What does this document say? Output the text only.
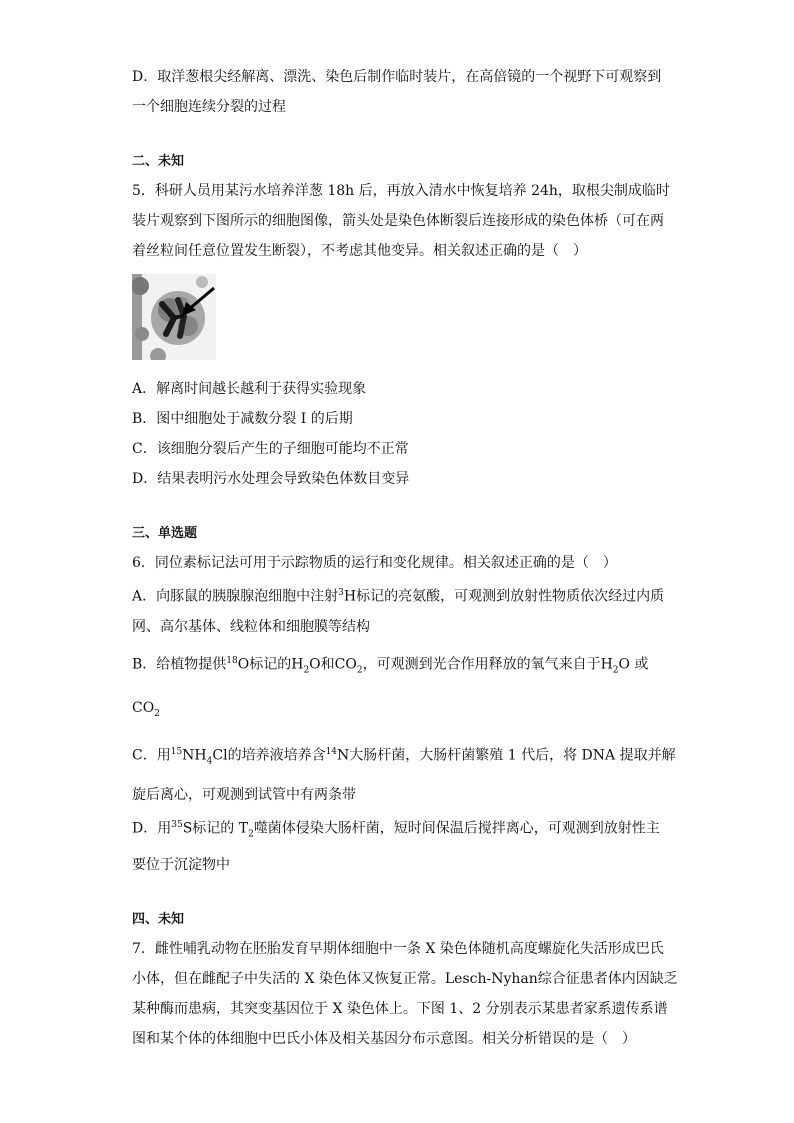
D．取洋葱根尖经解离、漂洗、染色后制作临时装片，在高倍镜的一个视野下可观察到
一个细胞连续分裂的过程
二、未知
5．科研人员用某污水培养洋葱 18h 后，再放入清水中恢复培养 24h，取根尖制成临时
装片观察到下图所示的细胞图像，箭头处是染色体断裂后连接形成的染色体桥（可在两
着丝粒间任意位置发生断裂），不考虑其他变异。相关叙述正确的是（　）
A．解离时间越长越利于获得实验现象
B．图中细胞处于减数分裂 I 的后期
C．该细胞分裂后产生的子细胞可能均不正常
D．结果表明污水处理会导致染色体数目变异
三、单选题
6．同位素标记法可用于示踪物质的运行和变化规律。相关叙述正确的是（　）
A．向豚鼠的胰腺腺泡细胞中注射$^3$H标记的亮氨酸，可观测到放射性物质依次经过内质
网、高尔基体、线粒体和细胞膜等结构
B．给植物提供$^{18}$O标记的$H_2O$和$CO_2$，可观测到光合作用释放的氧气来自于$H_2O$ 或
$CO_2$
C．用$^{15}NH_4Cl$的培养液培养含$^{14}$N大肠杆菌，大肠杆菌繁殖 1 代后，将 DNA 提取并解
旋后离心，可观测到试管中有两条带
D．用$^{35}$S标记的 $T_2$噬菌体侵染大肠杆菌，短时间保温后搅拌离心，可观测到放射性主
要位于沉淀物中
四、未知
7．雌性哺乳动物在胚胎发育早期体细胞中一条 X 染色体随机高度螺旋化失活形成巴氏
小体，但在雌配子中失活的 X 染色体又恢复正常。Lesch-Nyhan综合征患者体内因缺乏
某种酶而患病，其突变基因位于 X 染色体上。下图 1、2 分别表示某患者家系遗传系谱
图和某个体的体细胞中巴氏小体及相关基因分布示意图。相关分析错误的是（　）
